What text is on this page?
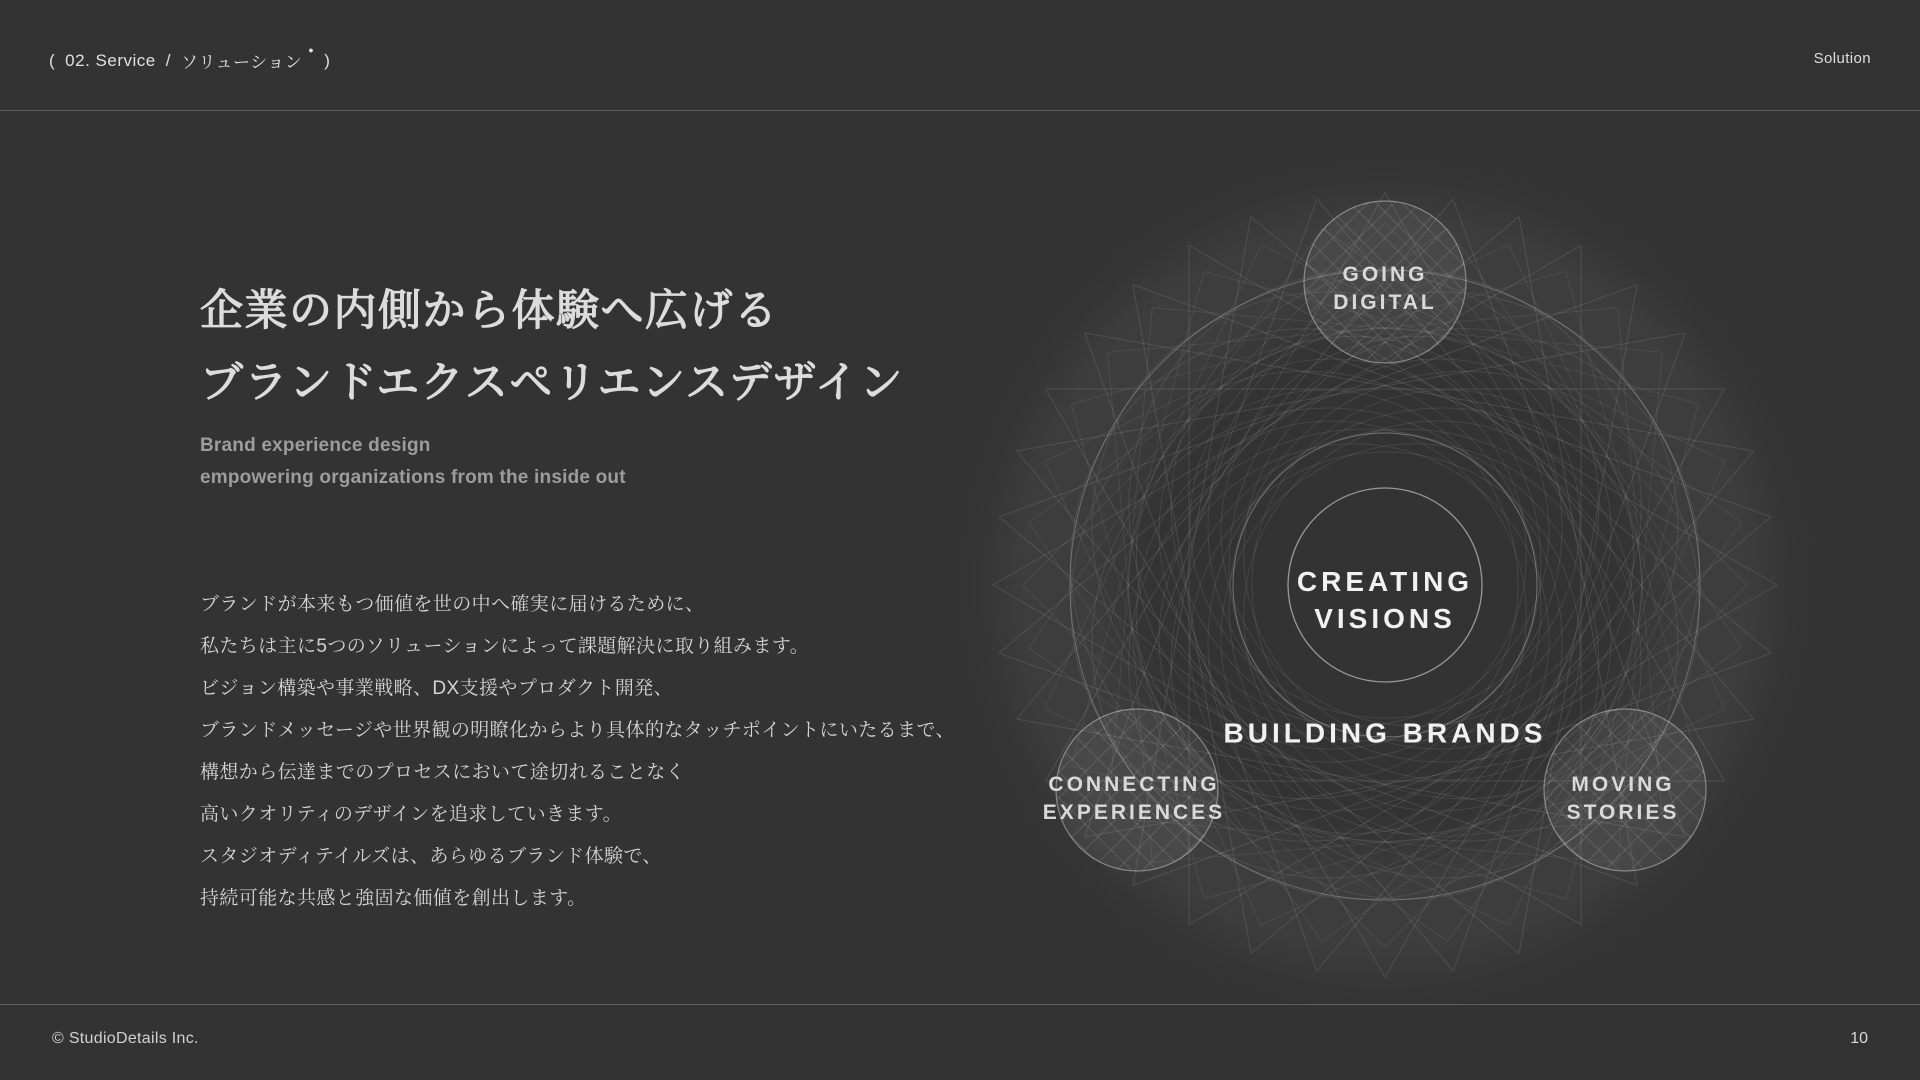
( 02. Service / ソリューション
●
)	Solution
企業の内側から体験へ広げる
ブランドエクスペリエンスデザイン
Brand experience design
empowering organizations from the inside out

ブランドが本来もつ価値を世の中へ確実に届けるために、

私たちは主に5つのソリューションによって課題解決に取り組みます。

ビジョン構築や事業戦略、DX支援やプロダクト開発、

ブランドメッセージや世界観の明瞭化からより具体的なタッチポイントにいたるまで、

構想から伝達までのプロセスにおいて途切れることなく

高いクオリティのデザインを追求していきます。

スタジオディテイルズは、あらゆるブランド体験で、

持続可能な共感と強固な価値を創出します。

GOING
DIGITAL
CREATING
VISIONS
BUILDING BRANDS
CONNECTING
EXPERIENCES
MOVING
STORIES
© StudioDetails Inc.	10
